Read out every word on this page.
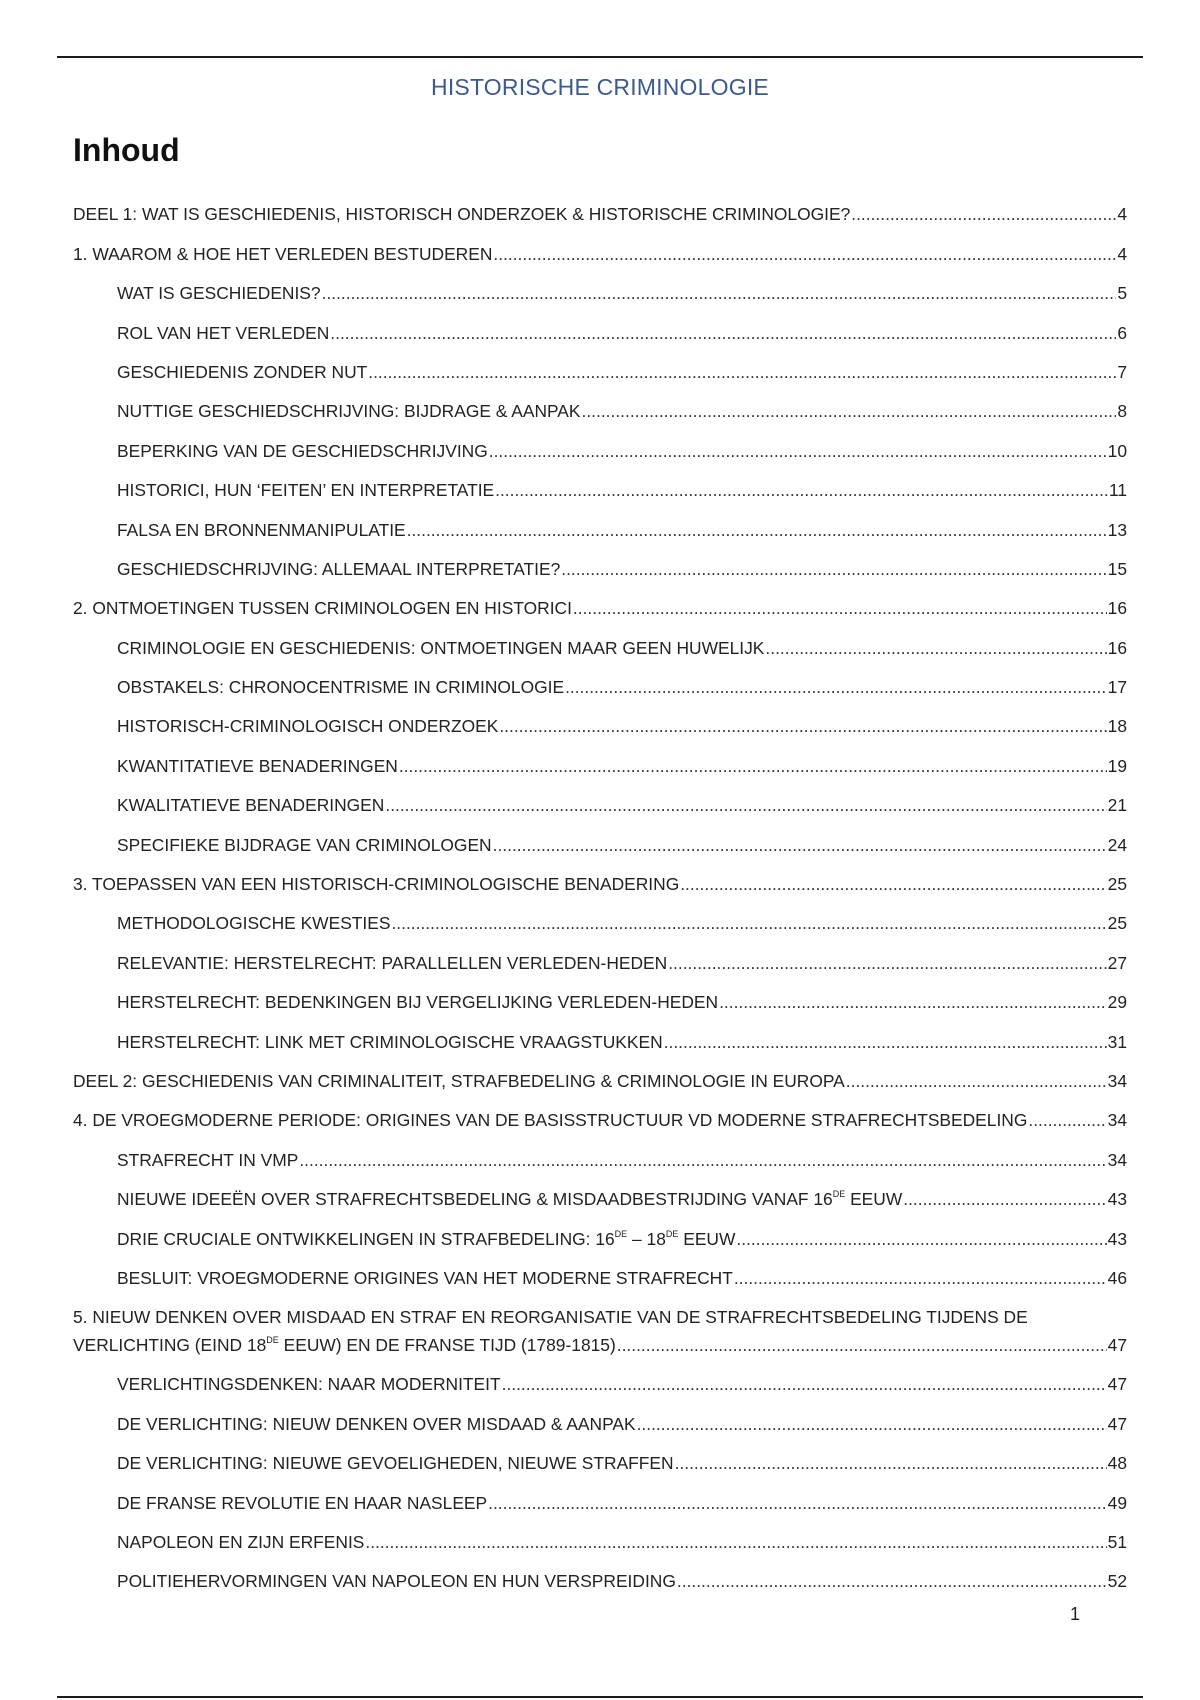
HISTORISCHE CRIMINOLOGIE
Inhoud
DEEL 1: WAT IS GESCHIEDENIS, HISTORISCH ONDERZOEK & HISTORISCHE CRIMINOLOGIE? .....	4
1. WAAROM & HOE HET VERLEDEN BESTUDEREN .....	4
WAT IS GESCHIEDENIS? .....	5
ROL VAN HET VERLEDEN .....	6
GESCHIEDENIS ZONDER NUT .....	7
NUTTIGE GESCHIEDSCHRIJVING: BIJDRAGE & AANPAK .....	8
BEPERKING VAN DE GESCHIEDSCHRIJVING .....	10
HISTORICI, HUN ‘FEITEN’ EN INTERPRETATIE .....	11
FALSA EN BRONNENMANIPULATIE .....	13
GESCHIEDSCHRIJVING: ALLEMAAL INTERPRETATIE? .....	15
2. ONTMOETINGEN TUSSEN CRIMINOLOGEN EN HISTORICI .....	16
CRIMINOLOGIE EN GESCHIEDENIS: ONTMOETINGEN MAAR GEEN HUWELIJK .....	16
OBSTAKELS: CHRONOCENTRISME IN CRIMINOLOGIE .....	17
HISTORISCH-CRIMINOLOGISCH ONDERZOEK .....	18
KWANTITATIEVE BENADERINGEN .....	19
KWALITATIEVE BENADERINGEN .....	21
SPECIFIEKE BIJDRAGE VAN CRIMINOLOGEN .....	24
3. TOEPASSEN VAN EEN HISTORISCH-CRIMINOLOGISCHE BENADERING .....	25
METHODOLOGISCHE KWESTIES .....	25
RELEVANTIE: HERSTELRECHT: PARALLELLEN VERLEDEN-HEDEN .....	27
HERSTELRECHT: BEDENKINGEN BIJ VERGELIJKING VERLEDEN-HEDEN .....	29
HERSTELRECHT: LINK MET CRIMINOLOGISCHE VRAAGSTUKKEN .....	31
DEEL 2: GESCHIEDENIS VAN CRIMINALITEIT, STRAFBEDELING & CRIMINOLOGIE IN EUROPA .....	34
4. DE VROEGMODERNE PERIODE: ORIGINES VAN DE BASISSTRUCTUUR VD MODERNE STRAFRECHTSBEDELING .....	34
STRAFRECHT IN VMP .....	34
NIEUWE IDEEËN OVER STRAFRECHTSBEDELING & MISDAADBESTRIJDING VANAF 16DE EEUW .....	43
DRIE CRUCIALE ONTWIKKELINGEN IN STRAFBEDELING: 16DE – 18DE EEUW .....	43
BESLUIT: VROEGMODERNE ORIGINES VAN HET MODERNE STRAFRECHT .....	46
5. NIEUW DENKEN OVER MISDAAD EN STRAF EN REORGANISATIE VAN DE STRAFRECHTSBEDELING TIJDENS DE
VERLICHTING (EIND 18DE EEUW) EN DE FRANSE TIJD (1789-1815) .....	47
VERLICHTINGSDENKEN: NAAR MODERNITEIT .....	47
DE VERLICHTING: NIEUW DENKEN OVER MISDAAD & AANPAK .....	47
DE VERLICHTING: NIEUWE GEVOELIGHEDEN, NIEUWE STRAFFEN .....	48
DE FRANSE REVOLUTIE EN HAAR NASLEEP .....	49
NAPOLEON EN ZIJN ERFENIS .....	51
POLITIEHERVORMINGEN VAN NAPOLEON EN HUN VERSPREIDING .....	52
1
